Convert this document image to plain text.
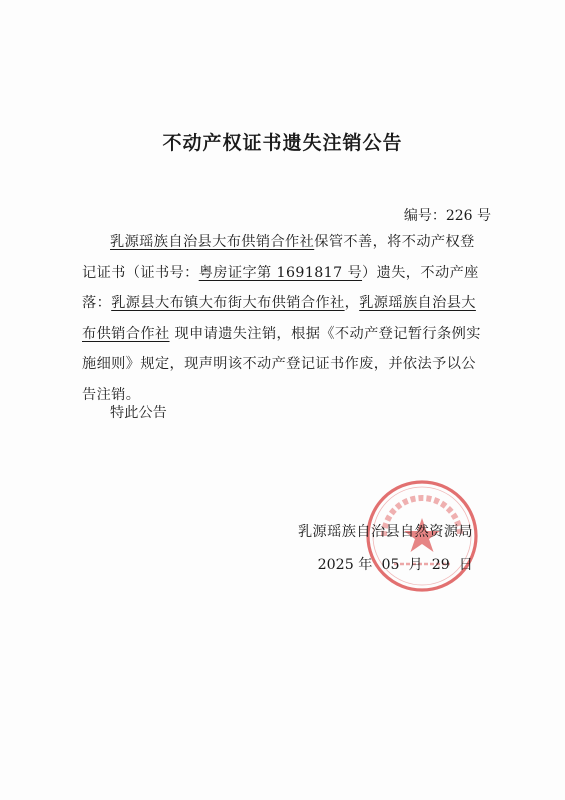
不动产权证书遗失注销公告
编号：226 号

乳源瑶族自治县大布供销合作社保管不善，将不动产权登记证书（证书号：粤房证字第 1691817 号）遗失，不动产座落：乳源县大布镇大布街大布供销合作社，乳源瑶族自治县大布供销合作社 现申请遗失注销，根据《不动产登记暂行条例实施细则》规定，现声明该不动产登记证书作废，并依法予以公告注销。

特此公告
乳源瑶族自治县自然资源局
2025 年  05  月  29  日
